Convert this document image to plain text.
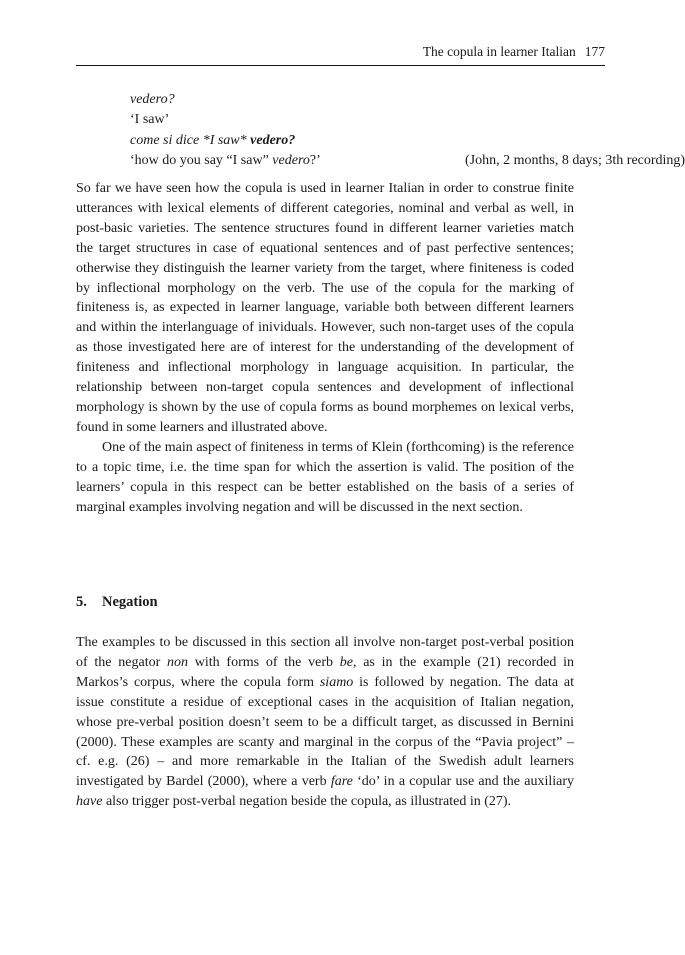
The copula in learner Italian 177
vedero?
‘I saw’
come si dice *I saw* vedero?
‘how do you say “I saw” vedero?’	(John, 2 months, 8 days; 3th recording)

So far we have seen how the copula is used in learner Italian in order to construe finite utterances with lexical elements of different categories, nominal and verbal as well, in post-basic varieties. The sentence structures found in different learner varieties match the target structures in case of equational sentences and of past perfective sentences; otherwise they distinguish the learner variety from the target, where finiteness is coded by inflectional morphology on the verb. The use of the copula for the marking of finiteness is, as expected in learner language, variable both between different learners and within the interlanguage of inividuals. However, such non-target uses of the copula as those investigated here are of interest for the understanding of the development of finiteness and inflectional morphology in language acquisition. In particular, the relationship between non-target copula sentences and development of inflectional morphology is shown by the use of copula forms as bound morphemes on lexical verbs, found in some learners and illustrated above.

One of the main aspect of finiteness in terms of Klein (forthcoming) is the reference to a topic time, i.e. the time span for which the assertion is valid. The position of the learners’ copula in this respect can be better established on the basis of a series of marginal examples involving negation and will be discussed in the next section.

5. Negation

The examples to be discussed in this section all involve non-target post-verbal position of the negator non with forms of the verb be, as in the example (21) recorded in Markos’s corpus, where the copula form siamo is followed by negation. The data at issue constitute a residue of exceptional cases in the acquisition of Italian negation, whose pre-verbal position doesn’t seem to be a difficult target, as discussed in Bernini (2000). These examples are scanty and marginal in the corpus of the “Pavia project” – cf. e.g. (26) – and more remarkable in the Italian of the Swedish adult learners investigated by Bardel (2000), where a verb fare ‘do’ in a copular use and the auxiliary have also trigger post-verbal negation beside the copula, as illustrated in (27).
